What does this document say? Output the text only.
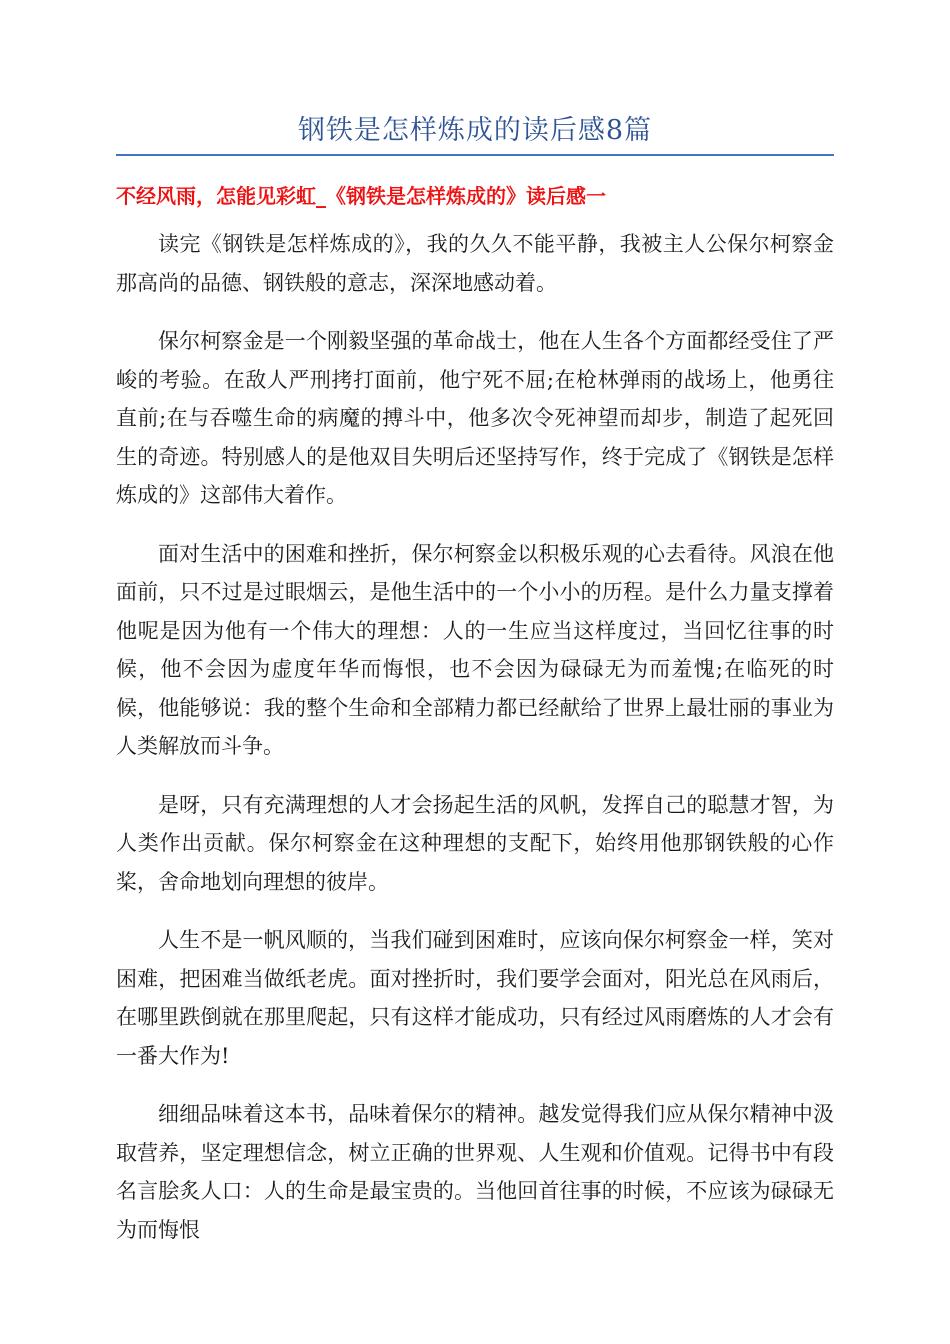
钢铁是怎样炼成的读后感8篇
不经风雨，怎能见彩虹_《钢铁是怎样炼成的》读后感一

读完《钢铁是怎样炼成的》，我的久久不能平静，我被主人公保尔柯察金那高尚的品德、钢铁般的意志，深深地感动着。

保尔柯察金是一个刚毅坚强的革命战士，他在人生各个方面都经受住了严峻的考验。在敌人严刑拷打面前，他宁死不屈;在枪林弹雨的战场上，他勇往直前;在与吞噬生命的病魔的搏斗中，他多次令死神望而却步，制造了起死回生的奇迹。特别感人的是他双目失明后还坚持写作，终于完成了《钢铁是怎样炼成的》这部伟大着作。

面对生活中的困难和挫折，保尔柯察金以积极乐观的心去看待。风浪在他面前，只不过是过眼烟云，是他生活中的一个小小的历程。是什么力量支撑着他呢是因为他有一个伟大的理想：人的一生应当这样度过，当回忆往事的时候，他不会因为虚度年华而悔恨，也不会因为碌碌无为而羞愧;在临死的时候，他能够说：我的整个生命和全部精力都已经献给了世界上最壮丽的事业为人类解放而斗争。

是呀，只有充满理想的人才会扬起生活的风帆，发挥自己的聪慧才智，为人类作出贡献。保尔柯察金在这种理想的支配下，始终用他那钢铁般的心作桨，舍命地划向理想的彼岸。

人生不是一帆风顺的，当我们碰到困难时，应该向保尔柯察金一样，笑对困难，把困难当做纸老虎。面对挫折时，我们要学会面对，阳光总在风雨后，在哪里跌倒就在那里爬起，只有这样才能成功，只有经过风雨磨炼的人才会有一番大作为!

细细品味着这本书，品味着保尔的精神。越发觉得我们应从保尔精神中汲取营养，坚定理想信念，树立正确的世界观、人生观和价值观。记得书中有段名言脍炙人口：人的生命是最宝贵的。当他回首往事的时候，不应该为碌碌无为而悔恨
